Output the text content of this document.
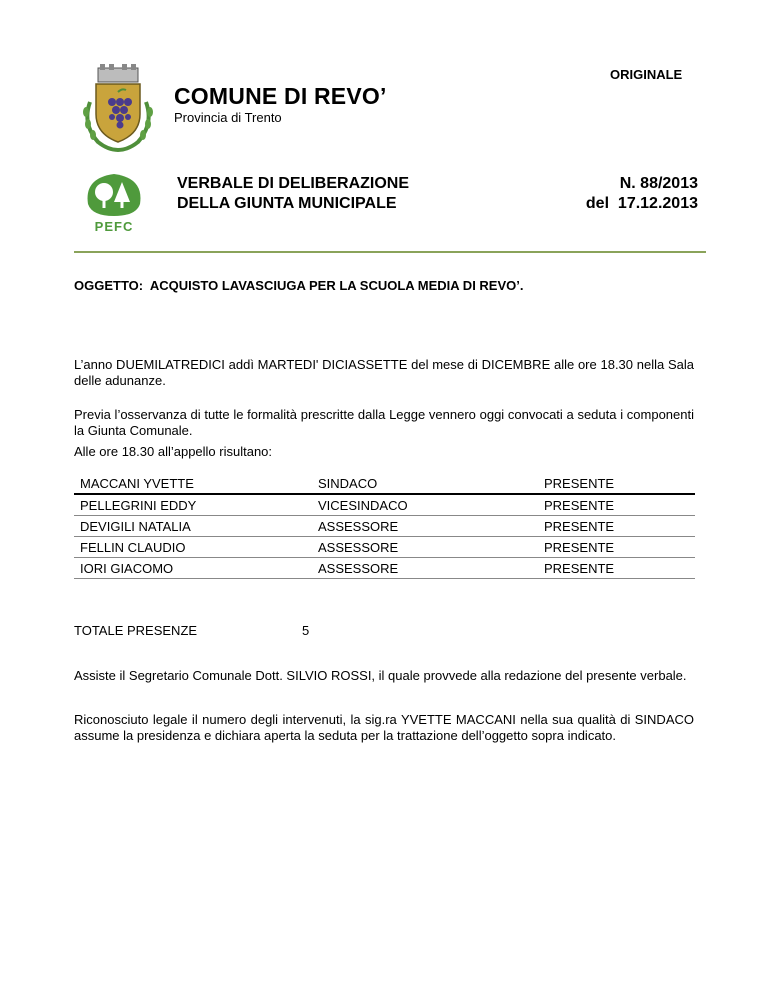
ORIGINALE
COMUNE DI REVO’
Provincia di Trento
PEFC
VERBALE DI DELIBERAZIONE
DELLA GIUNTA MUNICIPALE
N. 88/2013
del  17.12.2013
OGGETTO:  ACQUISTO LAVASCIUGA PER LA SCUOLA MEDIA DI REVO’.
L’anno DUEMILATREDICI addì MARTEDI' DICIASSETTE del mese di DICEMBRE alle ore 18.30 nella Sala delle adunanze.
Previa l’osservanza di tutte le formalità prescritte dalla Legge vennero oggi convocati a seduta i componenti la Giunta Comunale.
Alle ore 18.30 all’appello risultano:
MACCANI YVETTE	SINDACO	PRESENTE
PELLEGRINI EDDY	VICESINDACO	PRESENTE
DEVIGILI NATALIA	ASSESSORE	PRESENTE
FELLIN CLAUDIO	ASSESSORE	PRESENTE
IORI GIACOMO	ASSESSORE	PRESENTE
TOTALE PRESENZE	5
Assiste il Segretario Comunale Dott. SILVIO ROSSI, il quale provvede alla redazione del presente verbale.
Riconosciuto legale il numero degli intervenuti, la sig.ra YVETTE MACCANI nella sua qualità di SINDACO assume la presidenza e dichiara aperta la seduta per la trattazione dell’oggetto sopra indicato.
